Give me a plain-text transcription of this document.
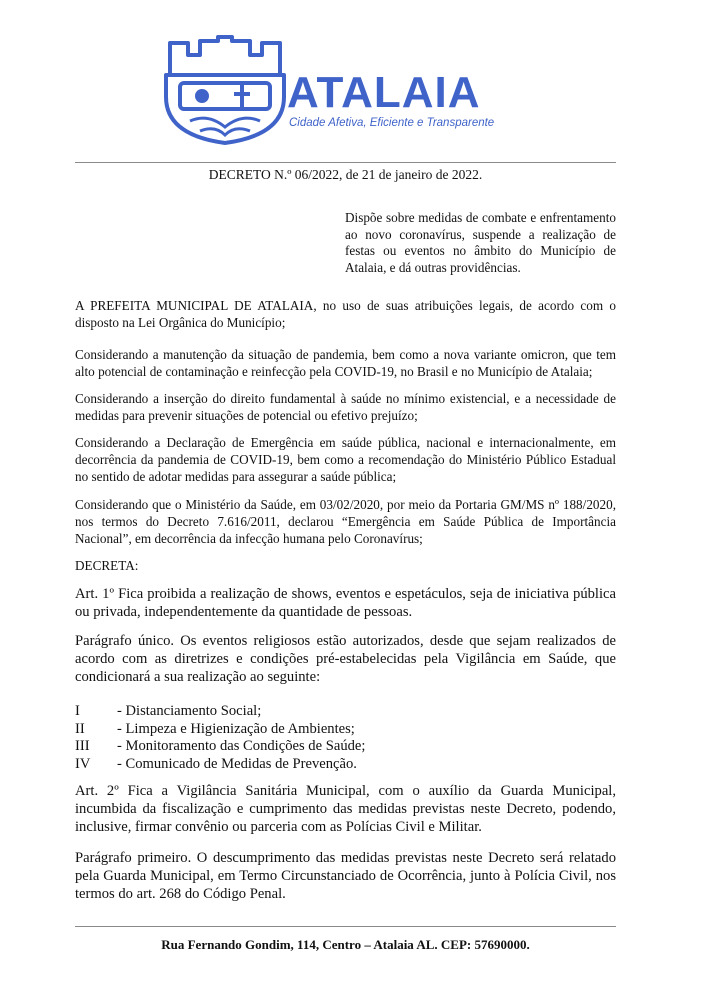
ATALAIA
Cidade Afetiva, Eficiente e Transparente
DECRETO N.º 06/2022, de 21 de janeiro de 2022.
Dispõe sobre medidas de combate e enfrentamento ao novo coronavírus, suspende a realização de festas ou eventos no âmbito do Município de Atalaia, e dá outras providências.
A PREFEITA MUNICIPAL DE ATALAIA, no uso de suas atribuições legais, de acordo com o disposto na Lei Orgânica do Município;
Considerando a manutenção da situação de pandemia, bem como a nova variante omicron, que tem alto potencial de contaminação e reinfecção pela COVID-19, no Brasil e no Município de Atalaia;
Considerando a inserção do direito fundamental à saúde no mínimo existencial, e a necessidade de medidas para prevenir situações de potencial ou efetivo prejuízo;
Considerando a Declaração de Emergência em saúde pública, nacional e internacionalmente, em decorrência da pandemia de COVID-19, bem como a recomendação do Ministério Público Estadual no sentido de adotar medidas para assegurar a saúde pública;
Considerando que o Ministério da Saúde, em 03/02/2020, por meio da Portaria GM/MS nº 188/2020, nos termos do Decreto 7.616/2011, declarou “Emergência em Saúde Pública de Importância Nacional”, em decorrência da infecção humana pelo Coronavírus;
DECRETA:
Art. 1º Fica proibida a realização de shows, eventos e espetáculos, seja de iniciativa pública ou privada, independentemente da quantidade de pessoas.
Parágrafo único. Os eventos religiosos estão autorizados, desde que sejam realizados de acordo com as diretrizes e condições pré-estabelecidas pela Vigilância em Saúde, que condicionará a sua realização ao seguinte:
I	- Distanciamento Social;
II	- Limpeza e Higienização de Ambientes;
III	- Monitoramento das Condições de Saúde;
IV	- Comunicado de Medidas de Prevenção.
Art. 2º Fica a Vigilância Sanitária Municipal, com o auxílio da Guarda Municipal, incumbida da fiscalização e cumprimento das medidas previstas neste Decreto, podendo, inclusive, firmar convênio ou parceria com as Polícias Civil e Militar.
Parágrafo primeiro. O descumprimento das medidas previstas neste Decreto será relatado pela Guarda Municipal, em Termo Circunstanciado de Ocorrência, junto à Polícia Civil, nos termos do art. 268 do Código Penal.
Rua Fernando Gondim, 114, Centro – Atalaia AL. CEP: 57690000.
